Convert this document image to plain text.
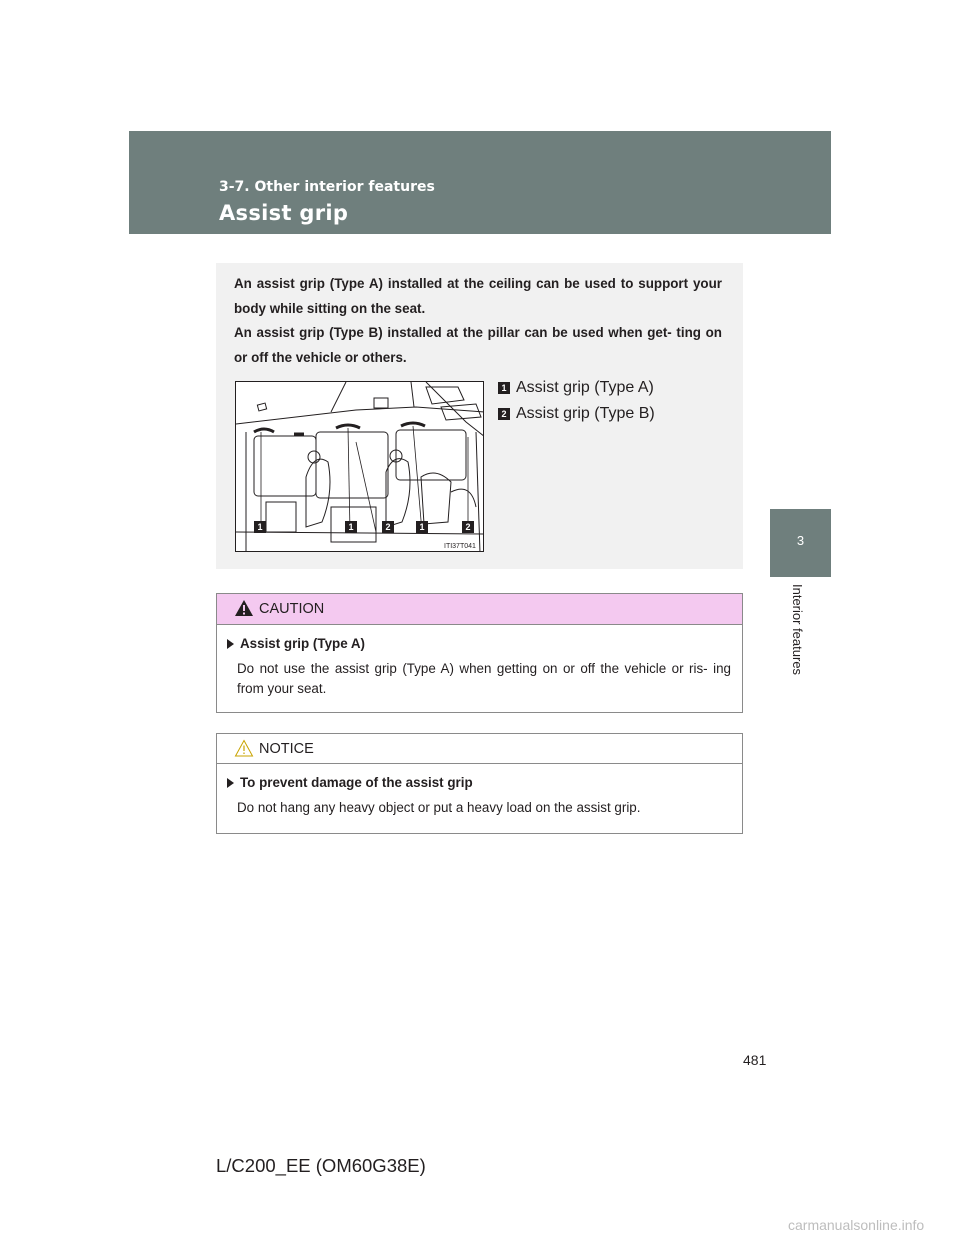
3-7. Other interior features
Assist grip
3
Interior features

An assist grip (Type A) installed at the ceiling can be used to support your body while sitting on the seat.

An assist grip (Type B) installed at the pillar can be used when get- ting on or off the vehicle or others.

1	1	2	1	2
ITI37T041
1 Assist grip (Type A)
2 Assist grip (Type B)
CAUTION
Assist grip (Type A)

Do not use the assist grip (Type A) when getting on or off the vehicle or ris- ing from your seat.

NOTICE
To prevent damage of the assist grip

Do not hang any heavy object or put a heavy load on the assist grip.

481
L/C200_EE (OM60G38E)
carmanualsonline.info
